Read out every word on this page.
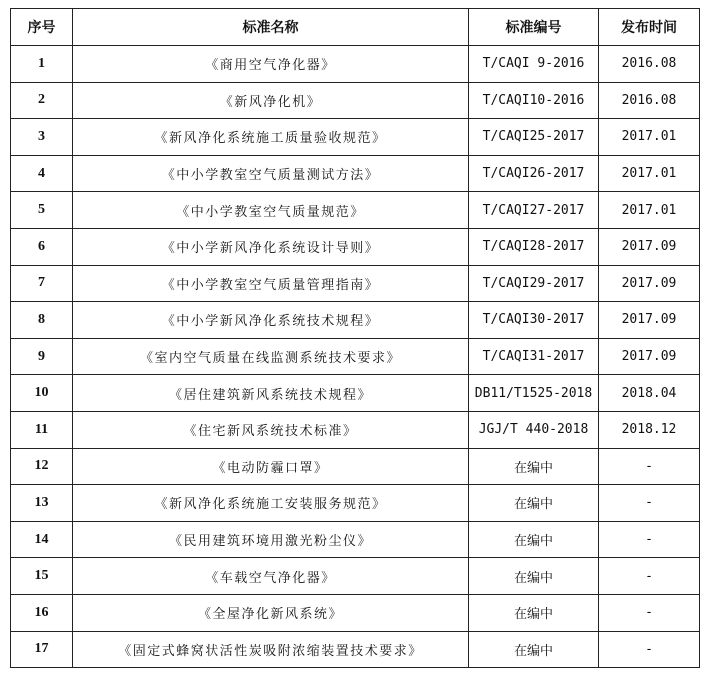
序号	标准名称	标准编号	发布时间
1	《商用空气净化器》	T/CAQI 9-2016	2016.08
2	《新风净化机》	T/CAQI10-2016	2016.08
3	《新风净化系统施工质量验收规范》	T/CAQI25-2017	2017.01
4	《中小学教室空气质量测试方法》	T/CAQI26-2017	2017.01
5	《中小学教室空气质量规范》	T/CAQI27-2017	2017.01
6	《中小学新风净化系统设计导则》	T/CAQI28-2017	2017.09
7	《中小学教室空气质量管理指南》	T/CAQI29-2017	2017.09
8	《中小学新风净化系统技术规程》	T/CAQI30-2017	2017.09
9	《室内空气质量在线监测系统技术要求》	T/CAQI31-2017	2017.09
10	《居住建筑新风系统技术规程》	DB11/T1525-2018	2018.04
11	《住宅新风系统技术标准》	JGJ/T 440-2018	2018.12
12	《电动防霾口罩》	在编中	-
13	《新风净化系统施工安装服务规范》	在编中	-
14	《民用建筑环境用激光粉尘仪》	在编中	-
15	《车载空气净化器》	在编中	-
16	《全屋净化新风系统》	在编中	-
17	《固定式蜂窝状活性炭吸附浓缩装置技术要求》	在编中	-
